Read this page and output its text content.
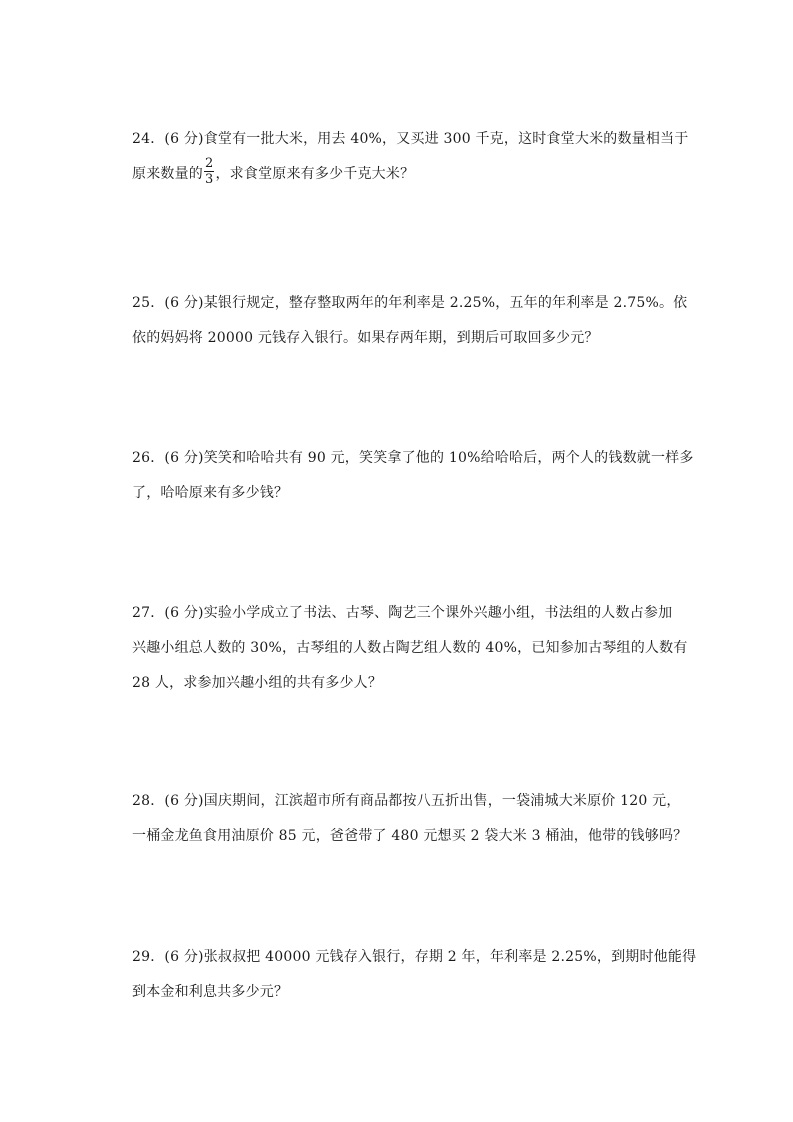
24．(6 分)食堂有一批大米，用去 40%，又买进 300 千克，这时食堂大米的数量相当于
原来数量的 $\frac{2}{3}$ ，求食堂原来有多少千克大米？
25．(6 分)某银行规定，整存整取两年的年利率是 2.25%，五年的年利率是 2.75%。依
依的妈妈将 20000 元钱存入银行。如果存两年期，到期后可取回多少元？
26．(6 分)笑笑和哈哈共有 90 元，笑笑拿了他的 10%给哈哈后，两个人的钱数就一样多
了，哈哈原来有多少钱？
27．(6 分)实验小学成立了书法、古琴、陶艺三个课外兴趣小组，书法组的人数占参加
兴趣小组总人数的 30%，古琴组的人数占陶艺组人数的 40%，已知参加古琴组的人数有
28 人，求参加兴趣小组的共有多少人？
28．(6 分)国庆期间，江滨超市所有商品都按八五折出售，一袋浦城大米原价 120 元，
一桶金龙鱼食用油原价 85 元，爸爸带了 480 元想买 2 袋大米 3 桶油，他带的钱够吗？
29．(6 分)张叔叔把 40000 元钱存入银行，存期 2 年，年利率是 2.25%，到期时他能得
到本金和利息共多少元？
